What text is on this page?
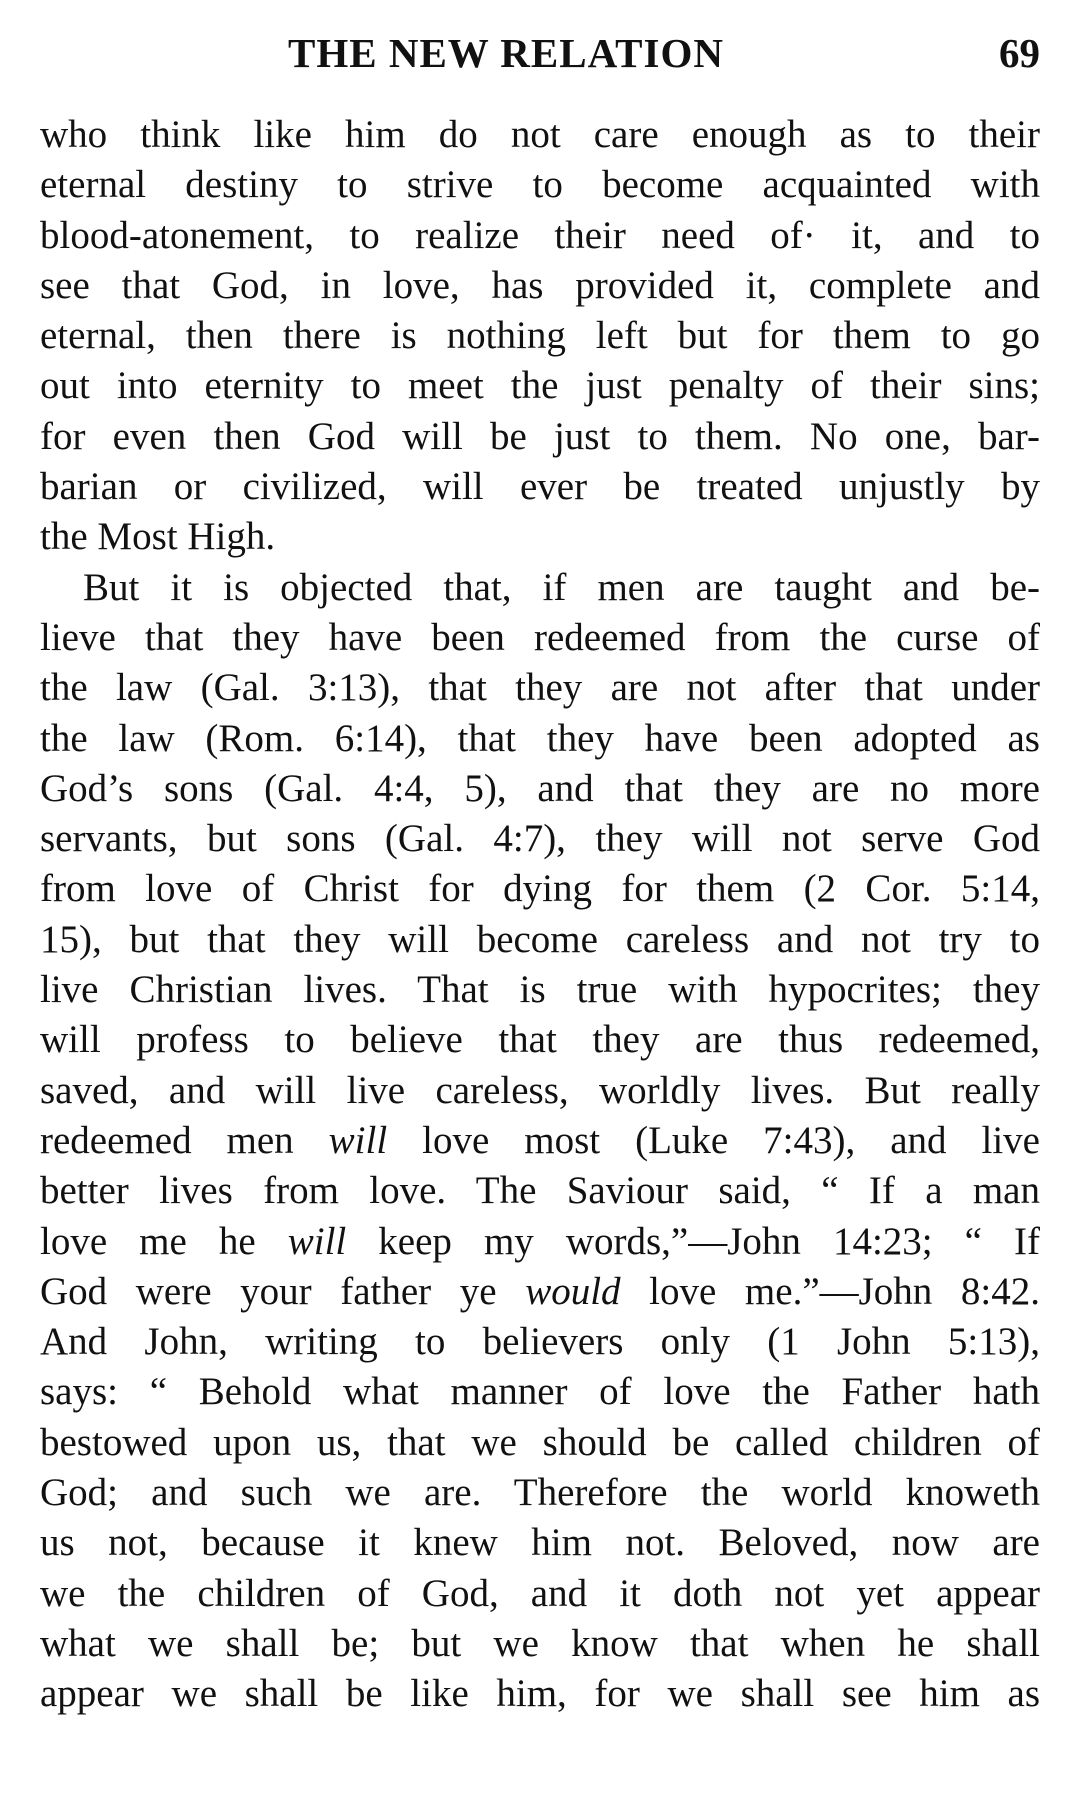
THE NEW RELATION	69
who think like him do not care enough as to their
eternal destiny to strive to become acquainted with
blood-atonement, to realize their need of· it, and to
see that God, in love, has provided it, complete and
eternal, then there is nothing left but for them to go
out into eternity to meet the just penalty of their sins;
for even then God will be just to them. No one, bar-
barian or civilized, will ever be treated unjustly by
the Most High.
But it is objected that, if men are taught and be-
lieve that they have been redeemed from the curse of
the law (Gal. 3:13), that they are not after that under
the law (Rom. 6:14), that they have been adopted as
God’s sons (Gal. 4:4, 5), and that they are no more
servants, but sons (Gal. 4:7), they will not serve God
from love of Christ for dying for them (2 Cor. 5:14,
15), but that they will become careless and not try to
live Christian lives. That is true with hypocrites; they
will profess to believe that they are thus redeemed,
saved, and will live careless, worldly lives. But really
redeemed men will love most (Luke 7:43), and live
better lives from love. The Saviour said, “ If a man
love me he will keep my words,”—John 14:23; “ If
God were your father ye would love me.”—John 8:42.
And John, writing to believers only (1 John 5:13),
says: “ Behold what manner of love the Father hath
bestowed upon us, that we should be called children of
God; and such we are. Therefore the world knoweth
us not, because it knew him not. Beloved, now are
we the children of God, and it doth not yet appear
what we shall be; but we know that when he shall
appear we shall be like him, for we shall see him as
